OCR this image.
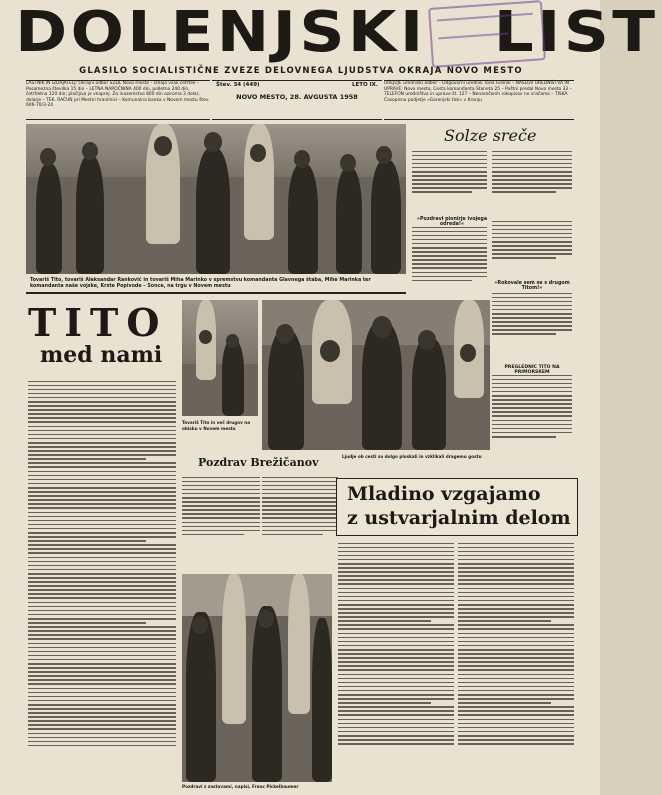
DOLENJSKI LIST
GLASILO SOCIALISTIČNE ZVEZE DELOVNEGA LJUDSTVA OKRAJA NOVO MESTO
LASTNIK IN IZDAJATELJ: Okrajni odbor SZDL Novo mesto – Izhaja vsak četrtek – Posamezna številka 15 din – LETNA NAROČNINA 400 din, polletna 240 din, četrtletna 120 din; plačljiva je vnaprej. Za inozemstvo 800 din oziroma 3 dolar, dolarje – TEK. RAČUN pri Mestni hranilnici – Komunalna banka v Novem mestu štev. 606-70/3-24
Štev. 34 (449)	LETO IX.
NOVO MESTO, 28. AVGUSTA 1958
UREJUJE uredniški odbor – Odgovorni urednik Tone Gošnik – NASLOV UREDNIŠTVA IN UPRAVE: Novo mesto, Cesta komandanta Staneta 25 – Poštni predal Novo mesto 33 – TELEFON uredništva in uprave št. 127 – Nenaročenih rokopisov ne vračamo – TISKA Časopisno podjetje »Gorenjski tisk« v Kranju
Tovariš Tito, tovariš Aleksandar Ranković in tovariš Miha Marinko v spremstvu komandanta Glavnega štaba, Mihe Marinka ter komandanta naše vojske, Krste Popivode – Sonce, na trgu v Novem mestu
Solze sreče
»Pozdravi pionirje ivojega odreda!«
»Rokovale sem se s drugom Titom!«
PREGLEDNIC TITO NA PRIMORSKEM
TITO
med nami
Tovariš Tito in več drugov na obisku v Novem mestu
Pozdrav Brežičanov	Ljudje ob cesti so dolgo ploskali in vzklikali dragemu gostu
Mladino vzgajamo
z ustvarjalnim delom
Pozdravi z zastavami, napisi, Franc Pickelbaumer
